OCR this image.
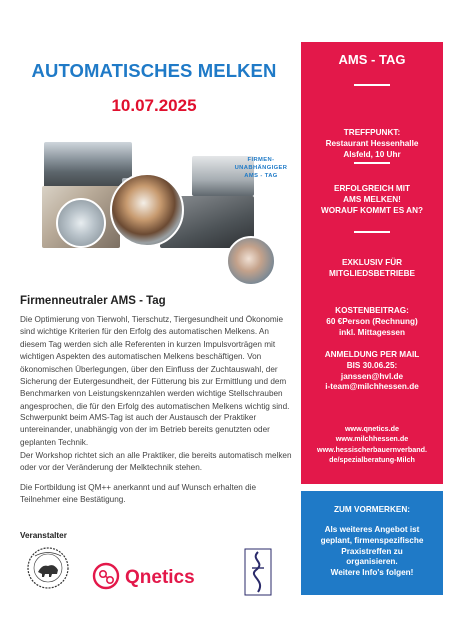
AUTOMATISCHES MELKEN
10.07.2025
FIRMEN-
UNABHÄNGIGER
AMS - TAG
Firmenneutraler AMS - Tag
Die Optimierung von Tierwohl, Tierschutz, Tiergesundheit und Ökonomie sind wichtige Kriterien für den Erfolg des automatischen Melkens. An diesem Tag werden sich alle Referenten in kurzen Impulsvorträgen mit wichtigen Aspekten des automatischen Melkens beschäftigen. Von ökonomischen Überlegungen, über den Einfluss der Zuchtauswahl, der Sicherung der Eutergesundheit, der Fütterung bis zur Ermittlung und dem Benchmarken von Leistungskennzahlen werden wichtige Stellschrauben angesprochen, die für den Erfolg des automatischen Melkens wichtig sind.
Schwerpunkt beim AMS-Tag ist auch der Austausch der Praktiker untereinander, unabhängig von der im Betrieb bereits genutzten oder geplanten Technik.
Der Workshop richtet sich an alle Praktiker, die bereits automatisch melken oder vor der Veränderung der Melktechnik stehen.
Die Fortbildung ist QM++ anerkannt und auf Wunsch erhalten die Teilnehmer eine Bestätigung.
Veranstalter
Qnetics
AMS - TAG
TREFFPUNKT:
Restaurant Hessenhalle
Alsfeld, 10 Uhr
ERFOLGREICH MIT
AMS MELKEN!
WORAUF KOMMT ES AN?
EXKLUSIV FÜR
MITGLIEDSBETRIEBE
KOSTENBEITRAG:
60 €Person (Rechnung)
inkl. Mittagessen
ANMELDUNG PER MAIL
BIS 30.06.25:
janssen@hvl.de
i-team@milchhessen.de
www.qnetics.de
www.milchhessen.de
www.hessischerbauernverband.
de/spezialberatung-Milch
ZUM VORMERKEN:
Als weiteres Angebot ist
geplant, firmenspezifische
Praxistreffen zu
organisieren.
Weitere Info's folgen!
